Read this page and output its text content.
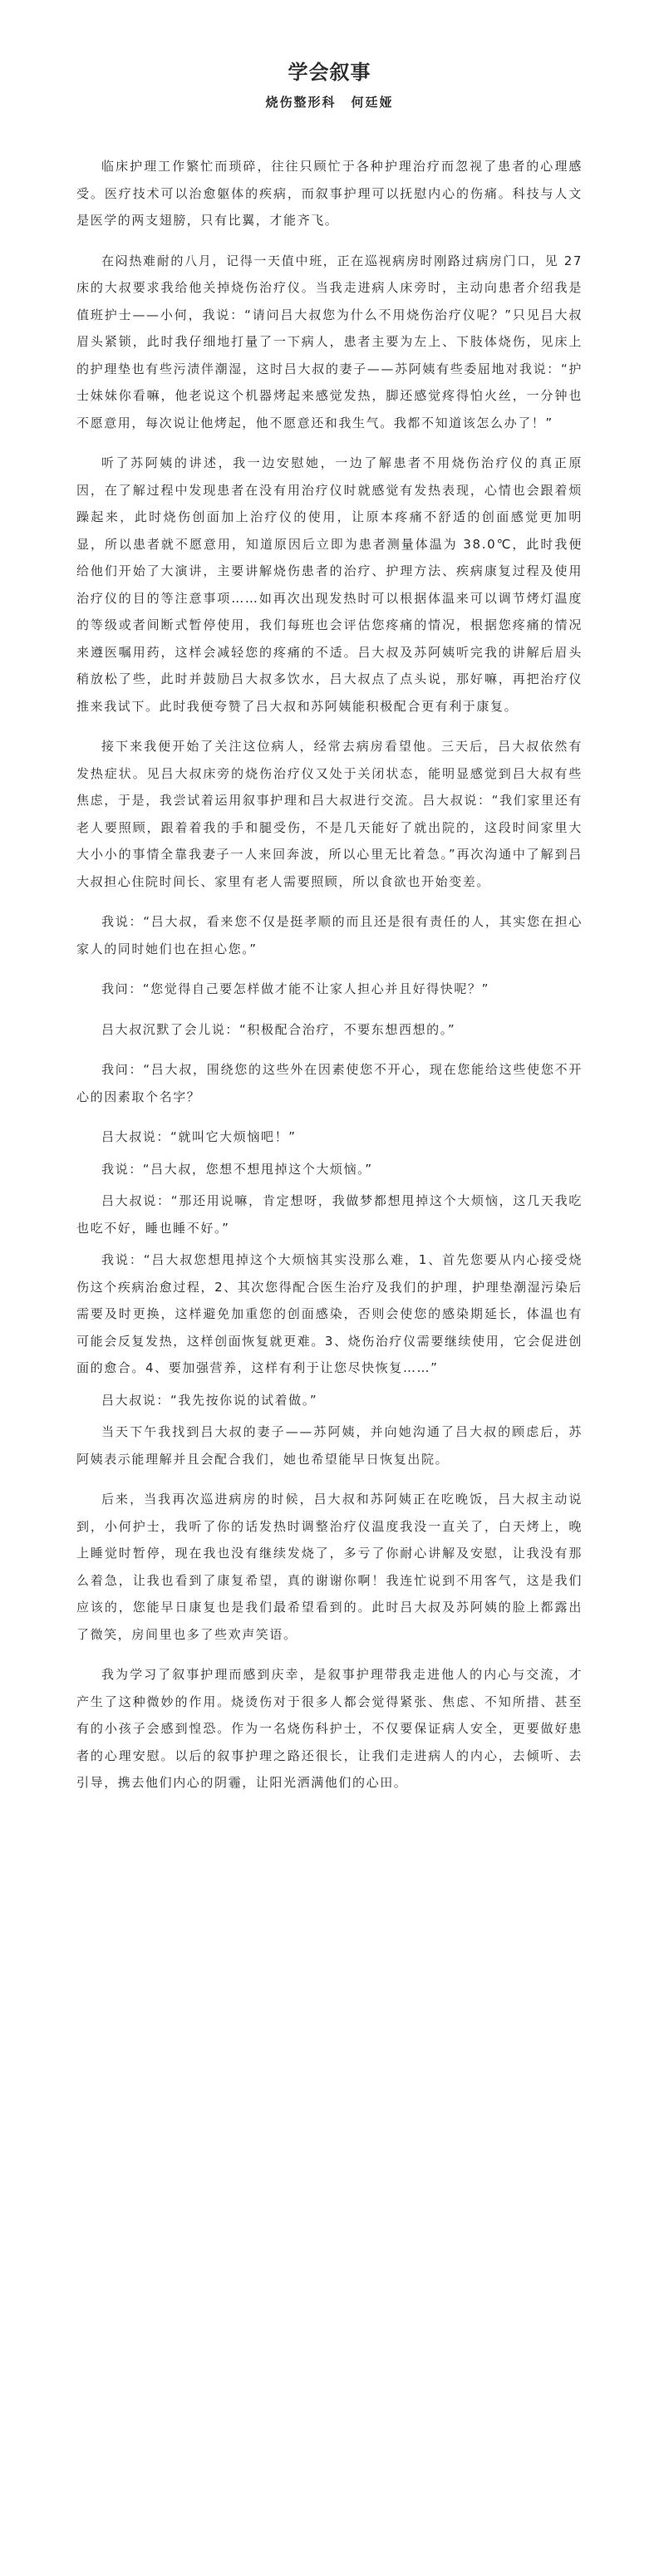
学会叙事
烧伤整形科 何廷娅

临床护理工作繁忙而琐碎，往往只顾忙于各种护理治疗而忽视了患者的心理感受。医疗技术可以治愈躯体的疾病，而叙事护理可以抚慰内心的伤痛。科技与人文是医学的两支翅膀，只有比翼，才能齐飞。

在闷热难耐的八月，记得一天值中班，正在巡视病房时刚路过病房门口，见 27 床的大叔要求我给他关掉烧伤治疗仪。当我走进病人床旁时，主动向患者介绍我是值班护士——小何，我说：“请问吕大叔您为什么不用烧伤治疗仪呢？”只见吕大叔眉头紧锁，此时我仔细地打量了一下病人，患者主要为左上、下肢体烧伤，见床上的护理垫也有些污渍伴潮湿，这时吕大叔的妻子——苏阿姨有些委屈地对我说：“护士妹妹你看嘛，他老说这个机器烤起来感觉发热，脚还感觉疼得怕火丝，一分钟也不愿意用，每次说让他烤起，他不愿意还和我生气。我都不知道该怎么办了！”

听了苏阿姨的讲述，我一边安慰她，一边了解患者不用烧伤治疗仪的真正原因，在了解过程中发现患者在没有用治疗仪时就感觉有发热表现，心情也会跟着烦躁起来，此时烧伤创面加上治疗仪的使用，让原本疼痛不舒适的创面感觉更加明显，所以患者就不愿意用，知道原因后立即为患者测量体温为 38.0℃，此时我便给他们开始了大演讲，主要讲解烧伤患者的治疗、护理方法、疾病康复过程及使用治疗仪的目的等注意事项……如再次出现发热时可以根据体温来可以调节烤灯温度的等级或者间断式暂停使用，我们每班也会评估您疼痛的情况，根据您疼痛的情况来遵医嘱用药，这样会减轻您的疼痛的不适。吕大叔及苏阿姨听完我的讲解后眉头稍放松了些，此时并鼓励吕大叔多饮水，吕大叔点了点头说，那好嘛，再把治疗仪推来我试下。此时我便夸赞了吕大叔和苏阿姨能积极配合更有利于康复。

接下来我便开始了关注这位病人，经常去病房看望他。三天后，吕大叔依然有发热症状。见吕大叔床旁的烧伤治疗仪又处于关闭状态，能明显感觉到吕大叔有些焦虑，于是，我尝试着运用叙事护理和吕大叔进行交流。吕大叔说：“我们家里还有老人要照顾，跟着着我的手和腿受伤，不是几天能好了就出院的，这段时间家里大大小小的事情全靠我妻子一人来回奔波，所以心里无比着急。”再次沟通中了解到吕大叔担心住院时间长、家里有老人需要照顾，所以食欲也开始变差。

我说：“吕大叔，看来您不仅是挺孝顺的而且还是很有责任的人，其实您在担心家人的同时她们也在担心您。”

我问：“您觉得自己要怎样做才能不让家人担心并且好得快呢？”

吕大叔沉默了会儿说：“积极配合治疗，不要东想西想的。”

我问：“吕大叔，围绕您的这些外在因素使您不开心，现在您能给这些使您不开心的因素取个名字？

吕大叔说：“就叫它大烦恼吧！”

我说：“吕大叔，您想不想甩掉这个大烦恼。”

吕大叔说：“那还用说嘛，肯定想呀，我做梦都想甩掉这个大烦恼，这几天我吃也吃不好，睡也睡不好。”

我说：“吕大叔您想甩掉这个大烦恼其实没那么难，1、首先您要从内心接受烧伤这个疾病治愈过程，2、其次您得配合医生治疗及我们的护理，护理垫潮湿污染后需要及时更换，这样避免加重您的创面感染，否则会使您的感染期延长，体温也有可能会反复发热，这样创面恢复就更难。3、烧伤治疗仪需要继续使用，它会促进创面的愈合。4、要加强营养，这样有利于让您尽快恢复……”

吕大叔说：“我先按你说的试着做。”

当天下午我找到吕大叔的妻子——苏阿姨，并向她沟通了吕大叔的顾虑后，苏阿姨表示能理解并且会配合我们，她也希望能早日恢复出院。

后来，当我再次巡进病房的时候，吕大叔和苏阿姨正在吃晚饭，吕大叔主动说到，小何护士，我听了你的话发热时调整治疗仪温度我没一直关了，白天烤上，晚上睡觉时暂停，现在我也没有继续发烧了，多亏了你耐心讲解及安慰，让我没有那么着急，让我也看到了康复希望，真的谢谢你啊！我连忙说到不用客气，这是我们应该的，您能早日康复也是我们最希望看到的。此时吕大叔及苏阿姨的脸上都露出了微笑，房间里也多了些欢声笑语。

我为学习了叙事护理而感到庆幸，是叙事护理带我走进他人的内心与交流，才产生了这种微妙的作用。烧烫伤对于很多人都会觉得紧张、焦虑、不知所措、甚至有的小孩子会感到惶恐。作为一名烧伤科护士，不仅要保证病人安全，更要做好患者的心理安慰。以后的叙事护理之路还很长，让我们走进病人的内心，去倾听、去引导，携去他们内心的阴霾，让阳光洒满他们的心田。
